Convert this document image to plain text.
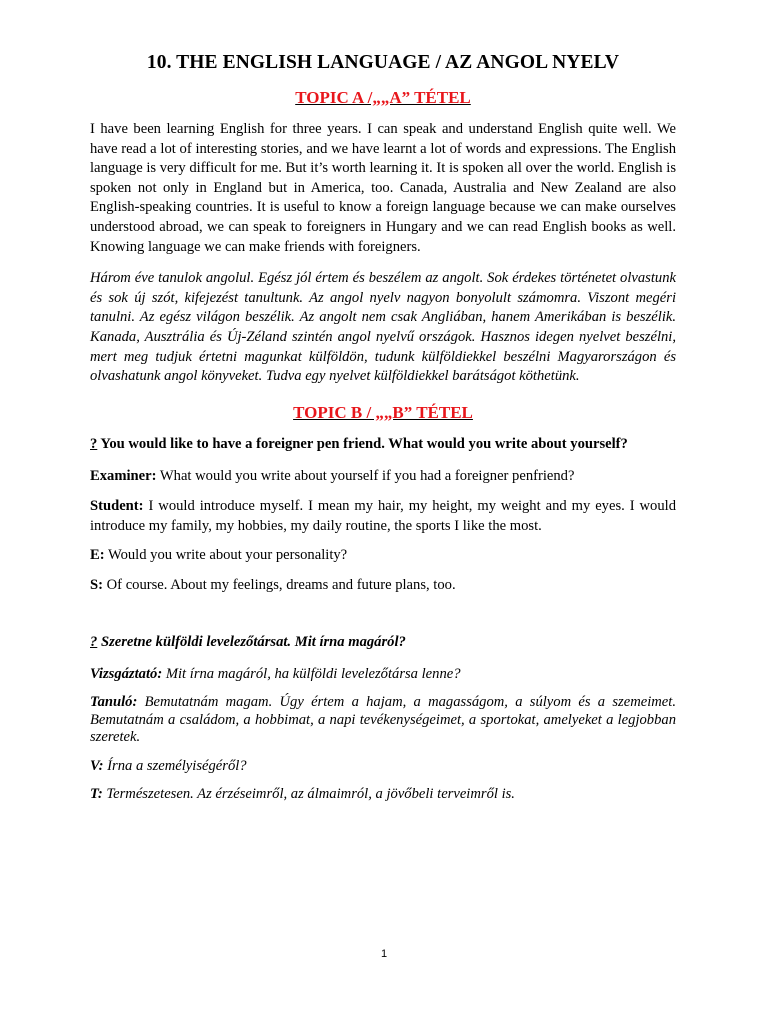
10. THE ENGLISH LANGUAGE / AZ ANGOL NYELV
TOPIC A /„„A” TÉTEL

I have been learning English for three years. I can speak and understand English quite well. We have read a lot of interesting stories, and we have learnt a lot of words and expressions. The English language is very difficult for me. But it’s worth learning it. It is spoken all over the world. English is spoken not only in England but in America, too. Canada, Australia and New Zealand are also English-speaking countries. It is useful to know a foreign language because we can make ourselves understood abroad, we can speak to foreigners in Hungary and we can read English books as well. Knowing language we can make friends with foreigners.

Három éve tanulok angolul. Egész jól értem és beszélem az angolt. Sok érdekes történetet olvastunk és sok új szót, kifejezést tanultunk. Az angol nyelv nagyon bonyolult számomra. Viszont megéri tanulni. Az egész világon beszélik. Az angolt nem csak Angliában, hanem Amerikában is beszélik. Kanada, Ausztrália és Új-Zéland szintén angol nyelvű országok. Hasznos idegen nyelvet beszélni, mert meg tudjuk értetni magunkat külföldön, tudunk külföldiekkel beszélni Magyarországon és olvashatunk angol könyveket. Tudva egy nyelvet külföldiekkel barátságot köthetünk.

TOPIC B / „„B” TÉTEL

? You would like to have a foreigner pen friend. What would you write about yourself?

Examiner: What would you write about yourself if you had a foreigner penfriend?

Student: I would introduce myself. I mean my hair, my height, my weight and my eyes. I would introduce my family, my hobbies, my daily routine, the sports I like the most.

E: Would you write about your personality?

S: Of course. About my feelings, dreams and future plans, too.

? Szeretne külföldi levelezőtársat. Mit írna magáról?

Vizsgáztató: Mit írna magáról, ha külföldi levelezőtársa lenne?

Tanuló: Bemutatnám magam. Úgy értem a hajam, a magasságom, a súlyom és a szemeimet. Bemutatnám a családom, a hobbimat, a napi tevékenységeimet, a sportokat, amelyeket a legjobban szeretek.

V: Írna a személyiségéről?

T: Természetesen. Az érzéseimről, az álmaimról, a jövőbeli terveimről is.

1
